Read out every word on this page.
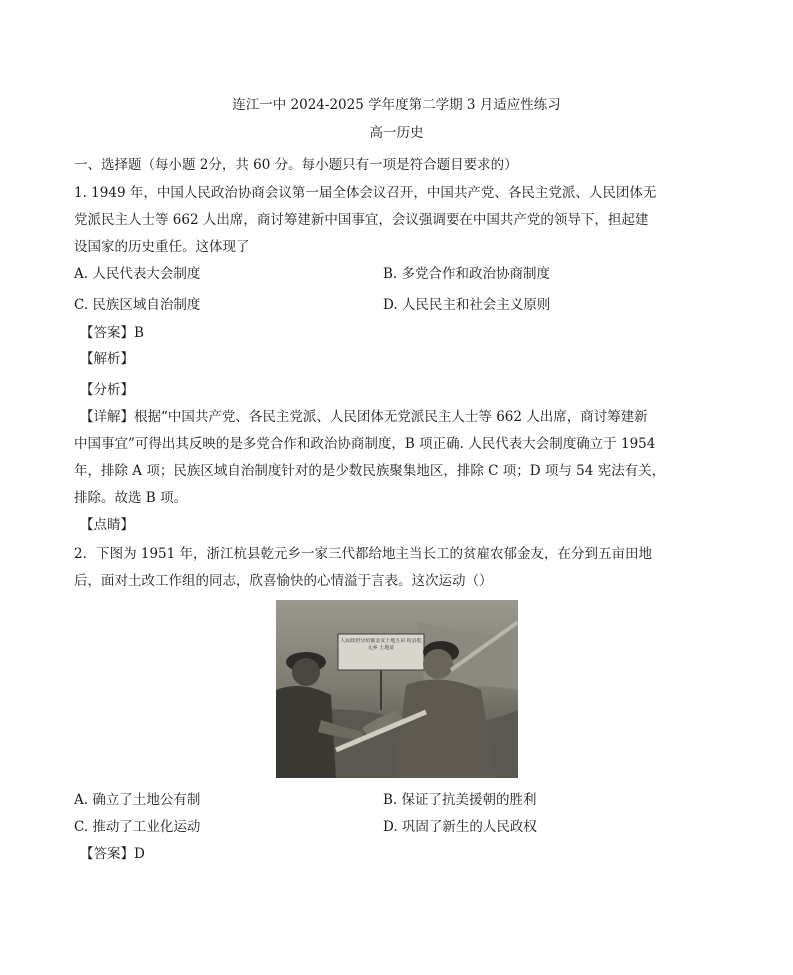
连江一中 2024-2025 学年度第二学期 3 月适应性练习
高一历史
一、选择题（每小题 2分，共 60 分。每小题只有一项是符合题目要求的）
1. 1949 年，中国人民政治协商会议第一届全体会议召开，中国共产党、各民主党派、人民团体无
党派民主人士等 662 人出席，商讨筹建新中国事宜，会议强调要在中国共产党的领导下，担起建
设国家的历史重任。这体现了
A. 人民代表大会制度	B. 多党合作和政治协商制度
C. 民族区域自治制度	D. 人民民主和社会主义原则
【答案】B
【解析】
【分析】
【详解】根据“中国共产党、各民主党派、人民团体无党派民主人士等 662 人出席，商讨筹建新
中国事宜”可得出其反映的是多党合作和政治协商制度，B 项正确. 人民代表大会制度确立于 1954
年，排除 A 项；民族区域自治制度针对的是少数民族聚集地区，排除 C 项；D 项与 54 宪法有关，
排除。故选 B 项。
【点睛】
2．下图为 1951 年，浙江杭县乾元乡一家三代都给地主当长工的贫雇农郁金友，在分到五亩田地
后，面对土改工作组的同志，欣喜愉快的心情溢于言表。这次运动（）
人民政府分给郁金友土地五亩 杭县乾元乡 土地证
A. 确立了土地公有制	B. 保证了抗美援朝的胜利
C. 推动了工业化运动	D. 巩固了新生的人民政权
【答案】D
